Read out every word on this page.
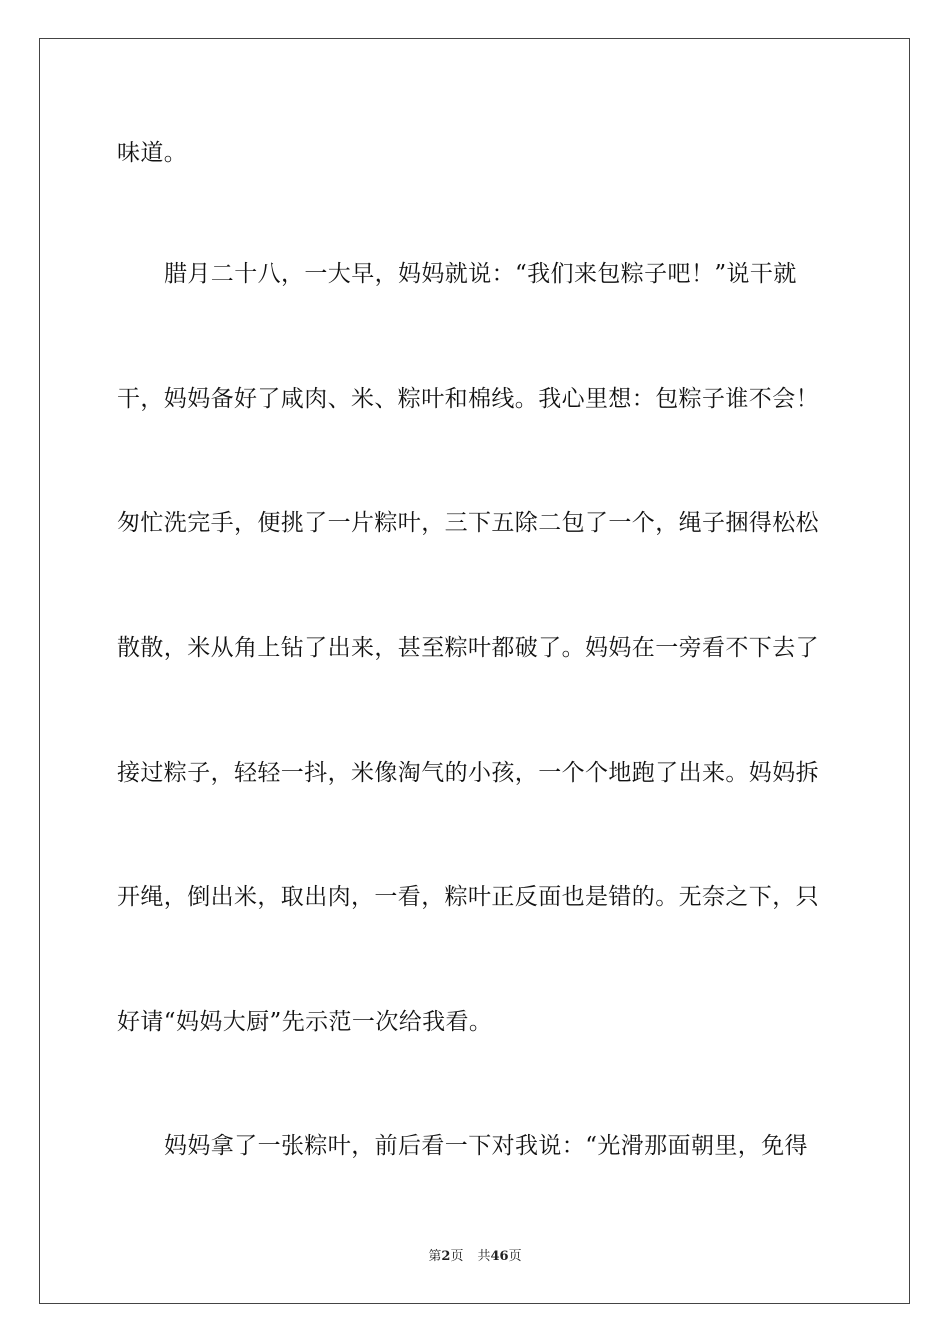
味道。
腊月二十八，一大早，妈妈就说：“我们来包粽子吧！”说干就
干，妈妈备好了咸肉、米、粽叶和棉线。我心里想：包粽子谁不会！
匆忙洗完手，便挑了一片粽叶，三下五除二包了一个，绳子捆得松松
散散，米从角上钻了出来，甚至粽叶都破了。妈妈在一旁看不下去了
接过粽子，轻轻一抖，米像淘气的小孩，一个个地跑了出来。妈妈拆
开绳，倒出米，取出肉，一看，粽叶正反面也是错的。无奈之下，只
好请“妈妈大厨”先示范一次给我看。
妈妈拿了一张粽叶，前后看一下对我说：“光滑那面朝里，免得
第2页 共46页
